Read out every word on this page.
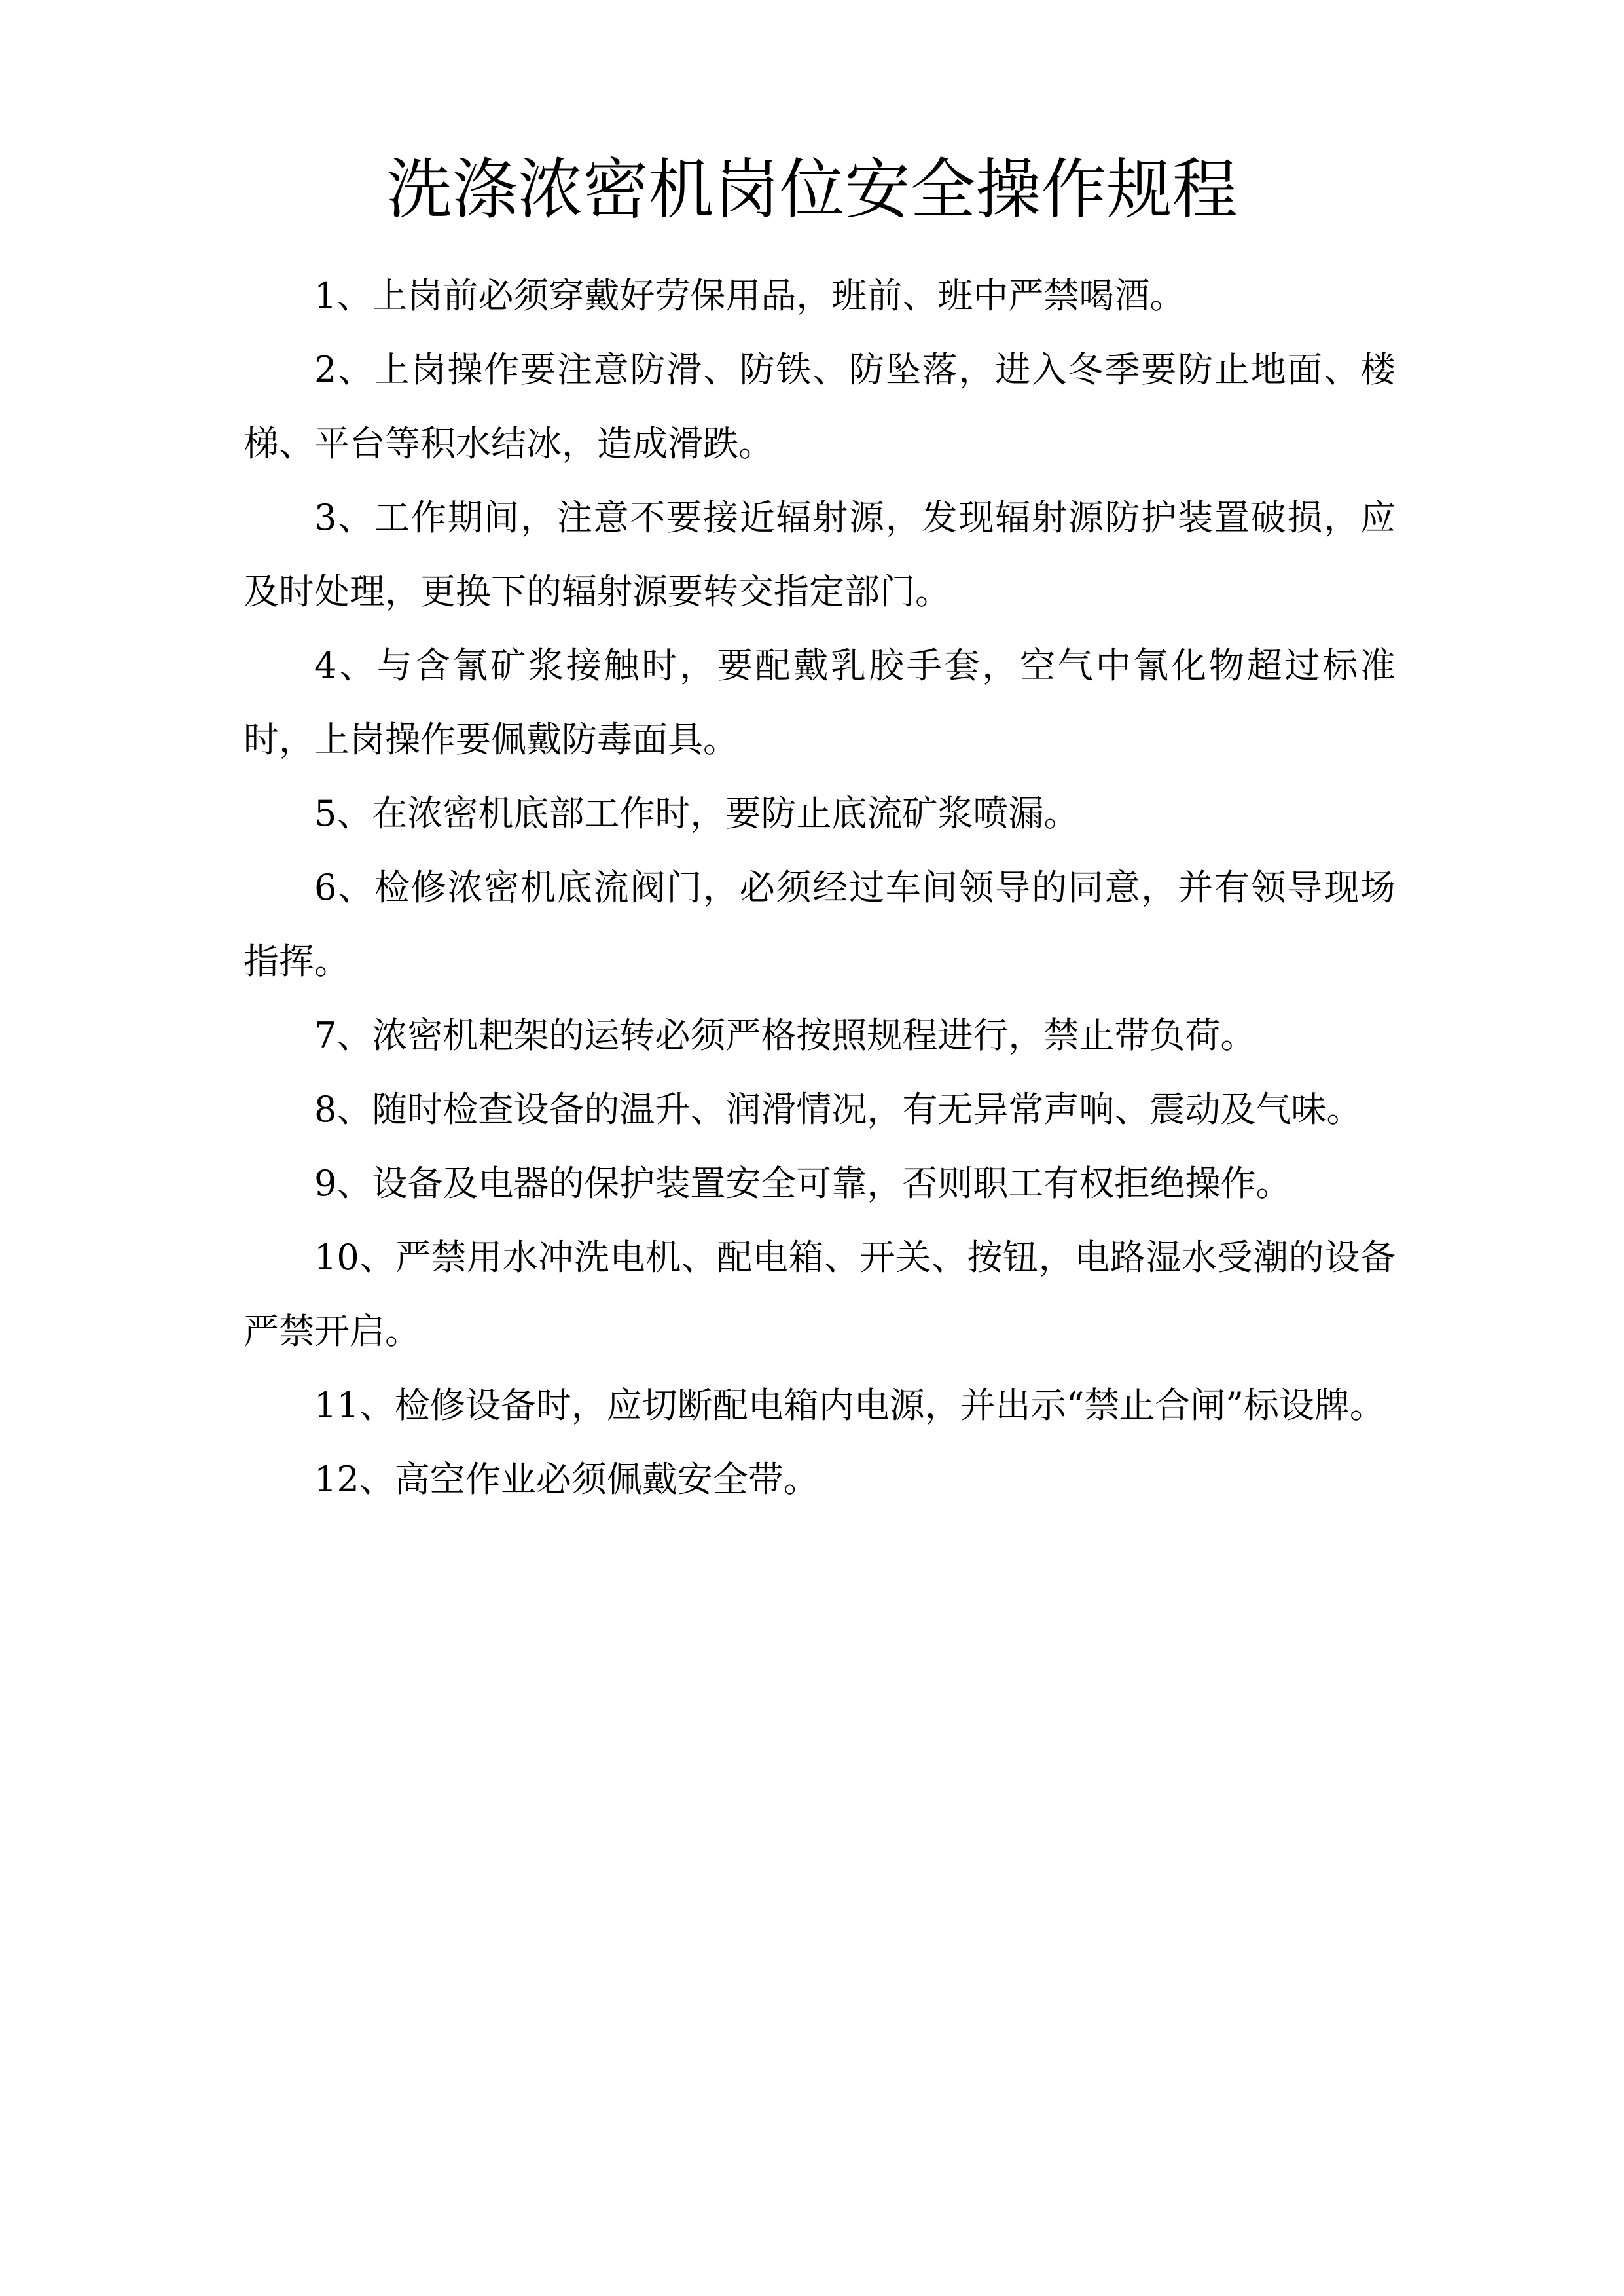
洗涤浓密机岗位安全操作规程

1、上岗前必须穿戴好劳保用品，班前、班中严禁喝酒。

2、上岗操作要注意防滑、防铁、防坠落，进入冬季要防止地面、楼梯、平台等积水结冰，造成滑跌。

3、工作期间，注意不要接近辐射源，发现辐射源防护装置破损，应及时处理，更换下的辐射源要转交指定部门。

4、与含氰矿浆接触时，要配戴乳胶手套，空气中氰化物超过标准时，上岗操作要佩戴防毒面具。

5、在浓密机底部工作时，要防止底流矿浆喷漏。

6、检修浓密机底流阀门，必须经过车间领导的同意，并有领导现场指挥。

7、浓密机耙架的运转必须严格按照规程进行，禁止带负荷。

8、随时检查设备的温升、润滑情况，有无异常声响、震动及气味。

9、设备及电器的保护装置安全可靠，否则职工有权拒绝操作。

10、严禁用水冲洗电机、配电箱、开关、按钮，电路湿水受潮的设备严禁开启。

11、检修设备时，应切断配电箱内电源，并出示“禁止合闸”标设牌。

12、高空作业必须佩戴安全带。
